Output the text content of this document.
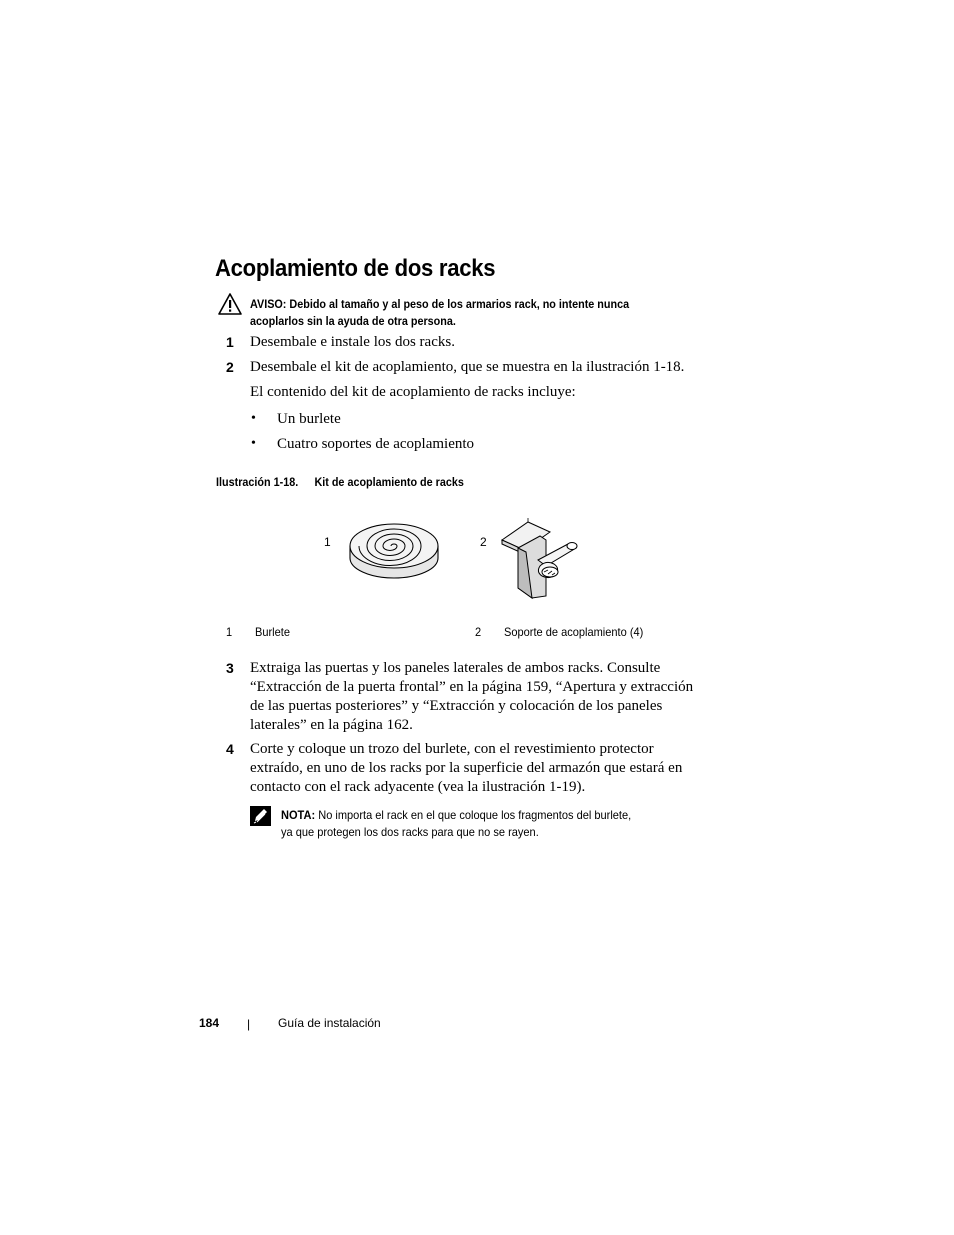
Acoplamiento de dos racks
AVISO: Debido al tamaño y al peso de los armarios rack, no intente nunca
acoplarlos sin la ayuda de otra persona.
1 Desembale e instale los dos racks.
2 Desembale el kit de acoplamiento, que se muestra en la ilustración 1-18.
El contenido del kit de acoplamiento de racks incluye:
• Un burlete
• Cuatro soportes de acoplamiento
Ilustración 1-18. Kit de acoplamiento de racks
1	2
1 Burlete	2 Soporte de acoplamiento (4)
3 Extraiga las puertas y los paneles laterales de ambos racks. Consulte
“Extracción de la puerta frontal” en la página 159, “Apertura y extracción
de las puertas posteriores” y “Extracción y colocación de los paneles
laterales” en la página 162.
4 Corte y coloque un trozo del burlete, con el revestimiento protector
extraído, en uno de los racks por la superficie del armazón que estará en
contacto con el rack adyacente (vea la ilustración 1-19).
NOTA: No importa el rack en el que coloque los fragmentos del burlete,
ya que protegen los dos racks para que no se rayen.
184 | Guía de instalación
